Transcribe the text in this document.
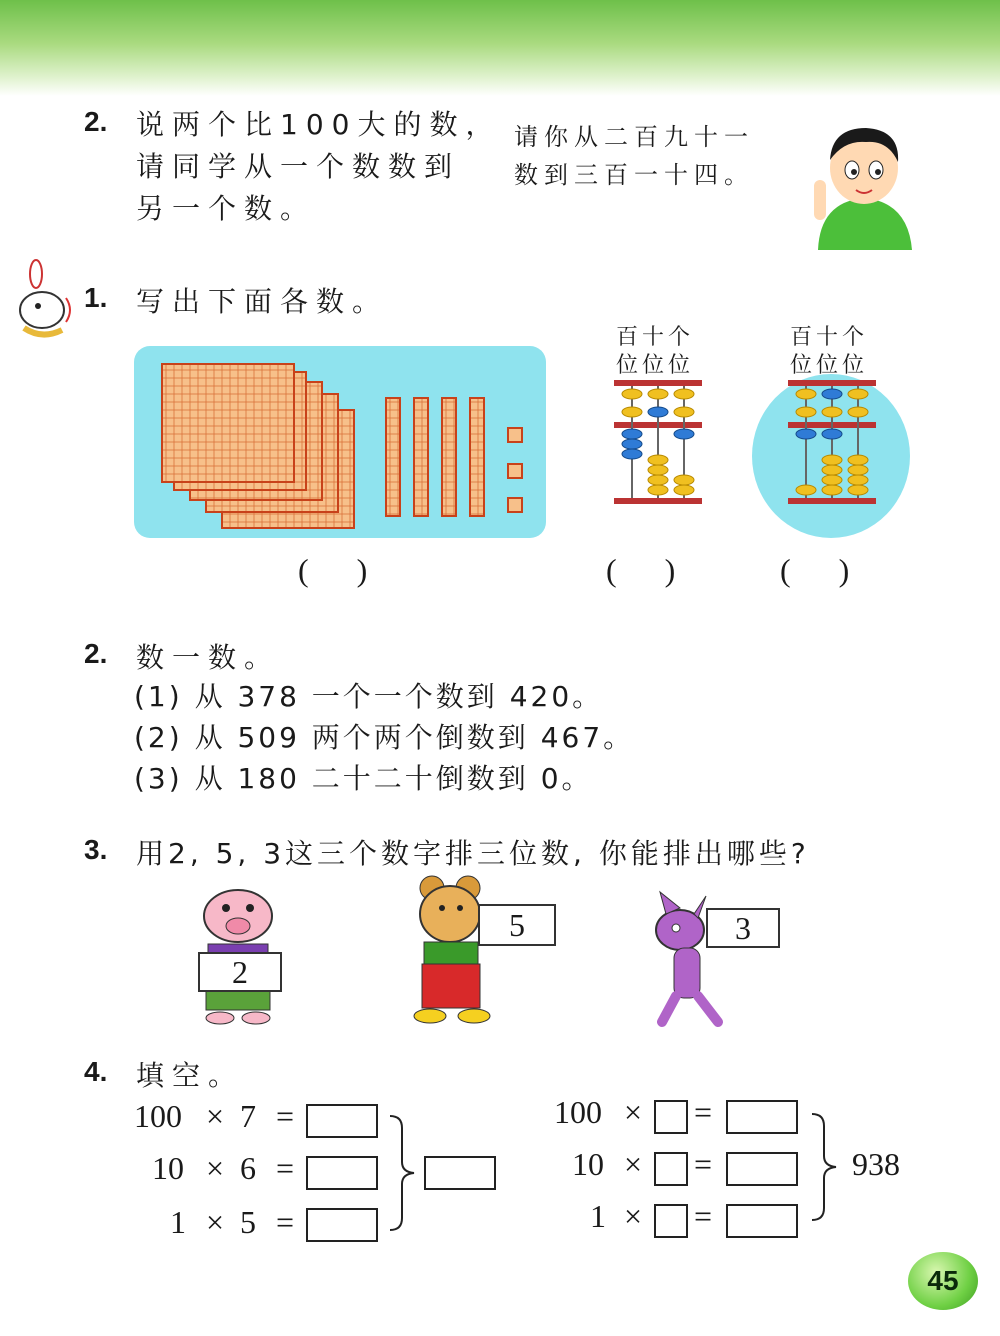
2. 说两个比100大的数，
请同学从一个数数到
另一个数。
请你从二百九十一
数到三百一十四。
1. 写出下面各数。
百十个
位位位
百十个
位位位
(      )	(      )	(      )
2. 数一数。
(1) 从 378 一个一个数到 420。
(2) 从 509 两个两个倒数到 467。
(3) 从 180 二十二十倒数到 0。
3. 用2, 5, 3这三个数字排三位数, 你能排出哪些?
2
5	3
4. 填空。
100 × 7 =
10 × 6 =
1 × 5 =
100 × =
10 × =
1 × =
938
45
